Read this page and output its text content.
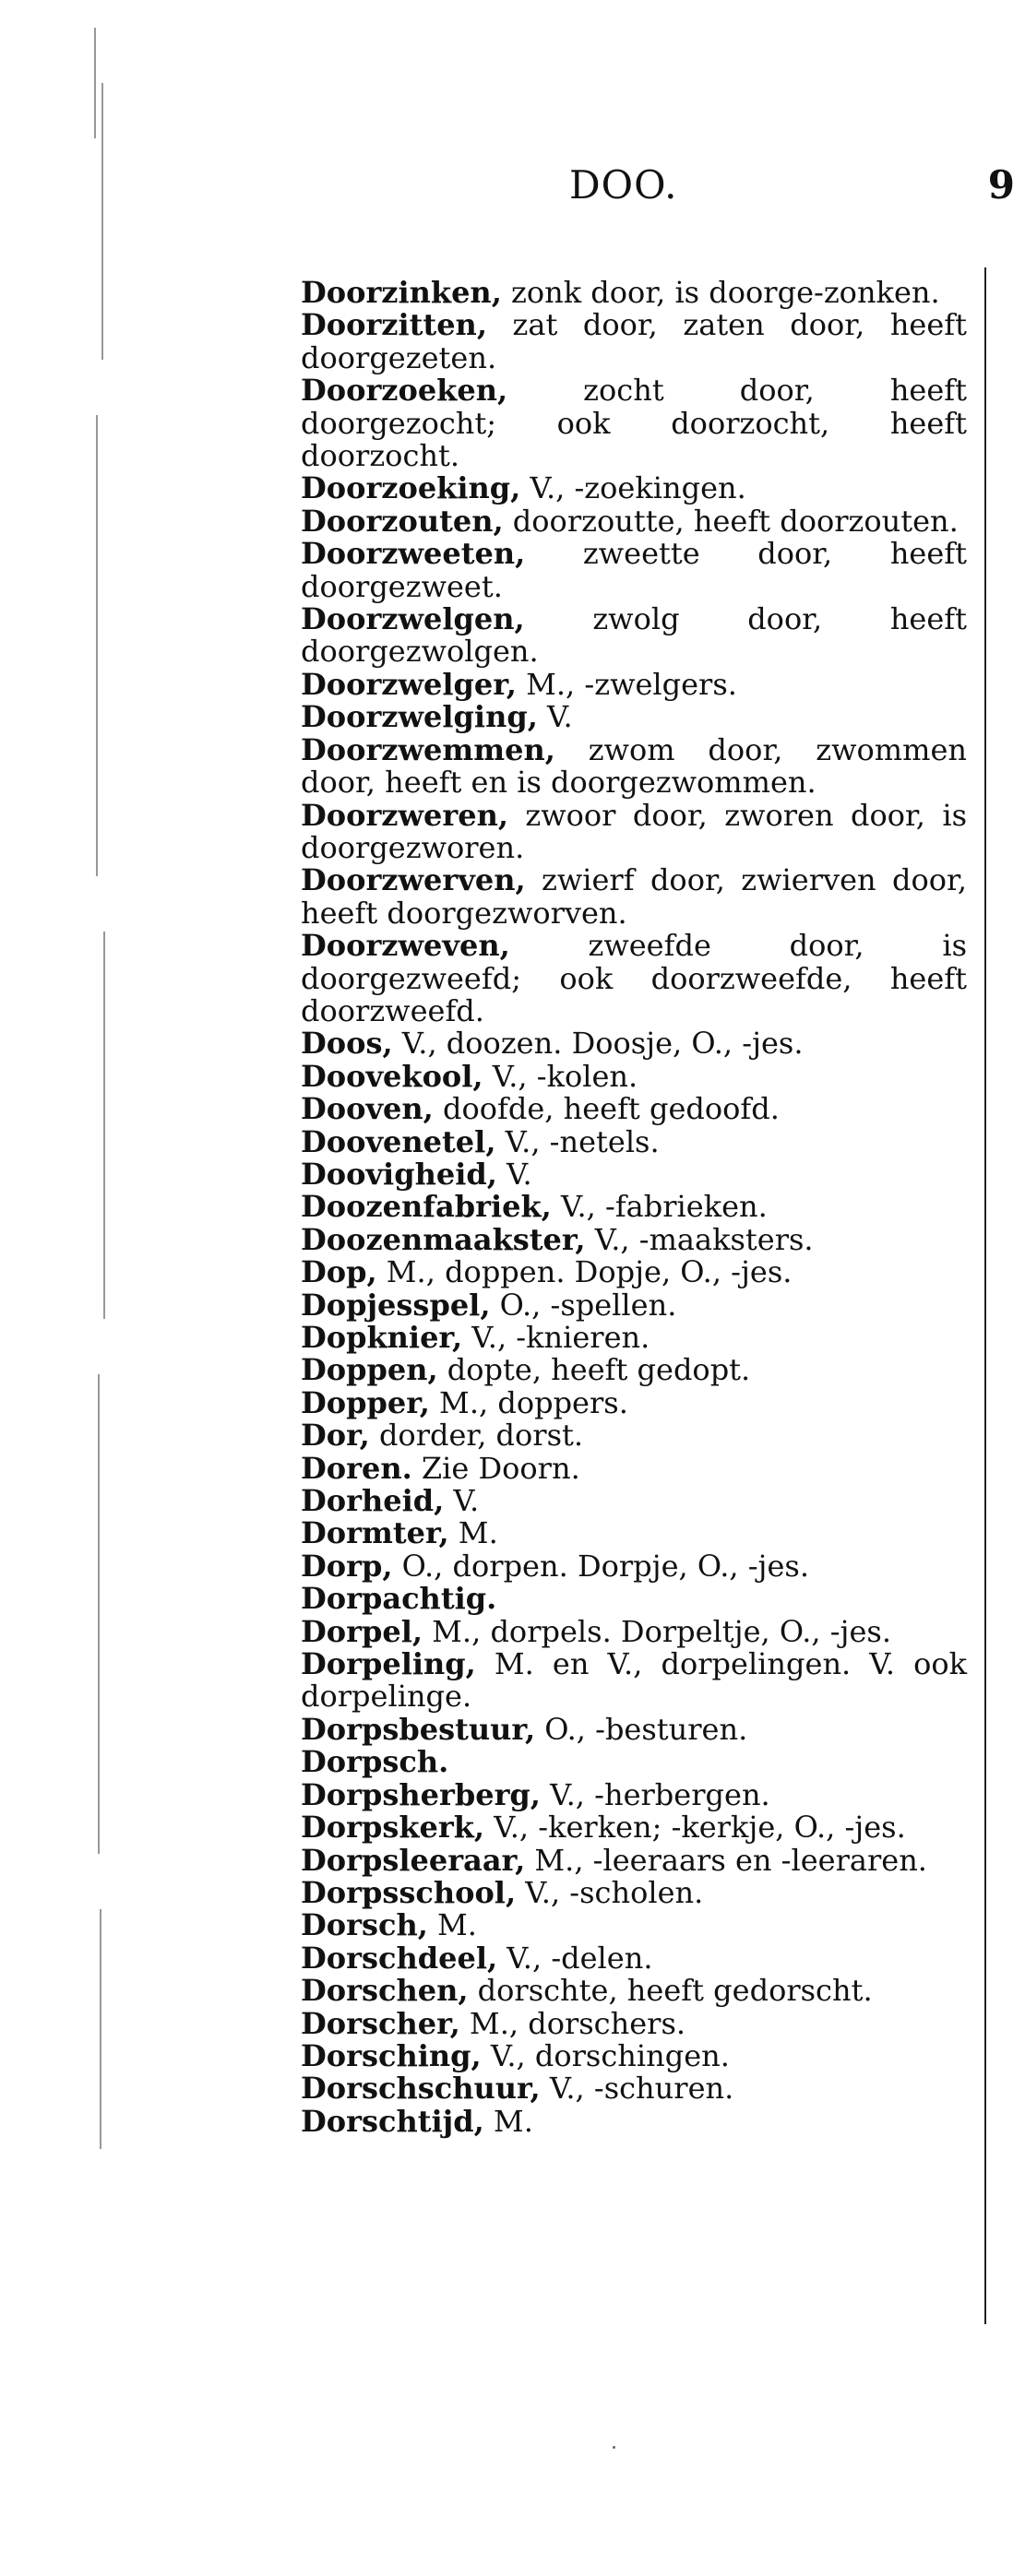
DOO.	9
Doorzinken, zonk door, is doorge-zonken.
Doorzitten, zat door, zaten door, heeft doorgezeten.
Doorzoeken, zocht door, heeft doorgezocht; ook doorzocht, heeft doorzocht.
Doorzoeking, V., -zoekingen.
Doorzouten, doorzoutte, heeft doorzouten.
Doorzweeten, zweette door, heeft doorgezweet.
Doorzwelgen, zwolg door, heeft doorgezwolgen.
Doorzwelger, M., -zwelgers.
Doorzwelging, V.
Doorzwemmen, zwom door, zwommen door, heeft en is doorgezwommen.
Doorzweren, zwoor door, zworen door, is doorgezworen.
Doorzwerven, zwierf door, zwierven door, heeft doorgezworven.
Doorzweven, zweefde door, is doorgezweefd; ook doorzweefde, heeft doorzweefd.
Doos, V., doozen. Doosje, O., -jes.
Doovekool, V., -kolen.
Dooven, doofde, heeft gedoofd.
Doovenetel, V., -netels.
Doovigheid, V.
Doozenfabriek, V., -fabrieken.
Doozenmaakster, V., -maaksters.
Dop, M., doppen. Dopje, O., -jes.
Dopjesspel, O., -spellen.
Dopknier, V., -knieren.
Doppen, dopte, heeft gedopt.
Dopper, M., doppers.
Dor, dorder, dorst.
Doren. Zie Doorn.
Dorheid, V.
Dormter, M.
Dorp, O., dorpen. Dorpje, O., -jes.
Dorpachtig.
Dorpel, M., dorpels. Dorpeltje, O., -jes.
Dorpeling, M. en V., dorpelingen. V. ook dorpelinge.
Dorpsbestuur, O., -besturen.
Dorpsch.
Dorpsherberg, V., -herbergen.
Dorpskerk, V., -kerken; -kerkje, O., -jes.
Dorpsleeraar, M., -leeraars en -leeraren.
Dorpsschool, V., -scholen.
Dorsch, M.
Dorschdeel, V., -delen.
Dorschen, dorschte, heeft gedorscht.
Dorscher, M., dorschers.
Dorsching, V., dorschingen.
Dorschschuur, V., -schuren.
Dorschtijd, M.
